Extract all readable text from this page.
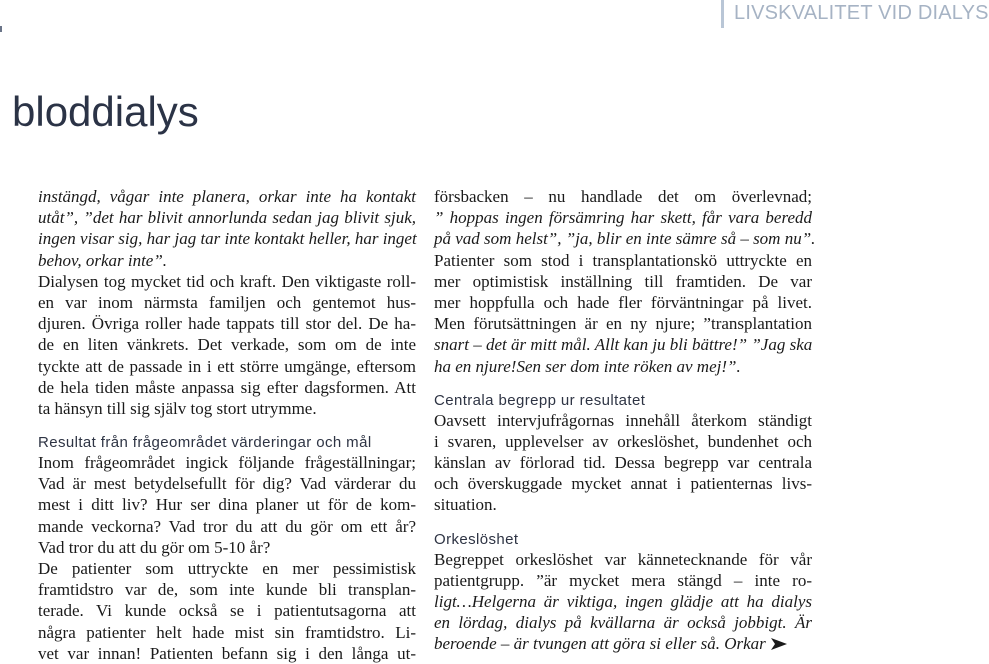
LIVSKVALITET VID DIALYS
bloddialys
instängd, vågar inte planera, orkar inte ha kontakt
utåt”, ”det har blivit annorlunda sedan jag blivit sjuk,
ingen visar sig, har jag tar inte kontakt heller, har inget
behov, orkar inte”.
Dialysen tog mycket tid och kraft. Den viktigaste roll-
en var inom närmsta familjen och gentemot hus-
djuren. Övriga roller hade tappats till stor del. De ha-
de en liten vänkrets. Det verkade, som om de inte
tyckte att de passade in i ett större umgänge, eftersom
de hela tiden måste anpassa sig efter dagsformen. Att
ta hänsyn till sig själv tog stort utrymme.
Resultat från frågeområdet värderingar och mål
Inom frågeområdet ingick följande frågeställningar;
Vad är mest betydelsefullt för dig? Vad värderar du
mest i ditt liv? Hur ser dina planer ut för de kom-
mande veckorna? Vad tror du att du gör om ett år?
Vad tror du att du gör om 5-10 år?
De patienter som uttryckte en mer pessimistisk
framtidstro var de, som inte kunde bli transplan-
terade. Vi kunde också se i patientutsagorna att
några patienter helt hade mist sin framtidstro. Li-
vet var innan! Patienten befann sig i den långa ut-
försbacken – nu handlade det om överlevnad;
” hoppas ingen försämring har skett, får vara beredd
på vad som helst”, ”ja, blir en inte sämre så – som nu”.
Patienter som stod i transplantationskö uttryckte en
mer optimistisk inställning till framtiden. De var
mer hoppfulla och hade fler förväntningar på livet.
Men förutsättningen är en ny njure; ”transplantation
snart – det är mitt mål. Allt kan ju bli bättre!” ”Jag ska
ha en njure!Sen ser dom inte röken av mej!”.
Centrala begrepp ur resultatet
Oavsett intervjufrågornas innehåll återkom ständigt
i svaren, upplevelser av orkeslöshet, bundenhet och
känslan av förlorad tid. Dessa begrepp var centrala
och överskuggade mycket annat i patienternas livs-
situation.
Orkeslöshet
Begreppet orkeslöshet var kännetecknande för vår
patientgrupp. ”är mycket mera stängd – inte ro-
ligt…Helgerna är viktiga, ingen glädje att ha dialys
en lördag, dialys på kvällarna är också jobbigt. Är
beroende – är tvungen att göra si eller så. Orkar
